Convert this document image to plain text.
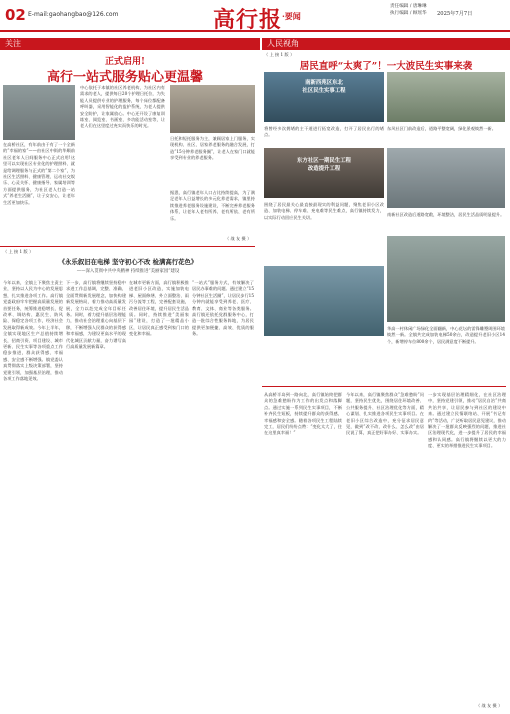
02 E-mail:gaohangbao@126.com	高行报 ·要闻
责任编辑 / 唐琳琳
执行编辑 / 顾瑶华 2025年7月7日
关注
正式启用!
高行一站式服务贴心更温馨
在高桥社区，有年前由于有了一个全新的“幸福的家”——由社区中街的华顺前社区老年人日间服务中心正式启用!这里可以实现社区专业化的护理照料、就是给调理服务与正式的“第二个家”，为社区生活照料、健康管理、运动社交娱乐、心灵关怀、健康指导、家属培训等方面提供服务，为社区老人打造一站式“养老生活圈”，让子女安心，让老年生活更加快乐。
中心依托于本镇的社区养老机构，为社区内有需求的老人，提供每日20个护理日托位，为失能人员提供专业的护理服务，每个床位都配备呼叫器，采用智能化的监护系统，为老人提供安全防护，让家属放心。中心还开设了康复训练室、阅览室、书画室、多功能活动室等，让老人们在这里度过充实而快乐的时光。
日托和短托服务为主，兼顾居家上门服务，实现机构、社区、居家养老服务的融合发展，打造“15分钟养老服务圈”，让老人在家门口就能享受到专业的养老服务。
据悉，高行镇老年人口占比持续提高，为了满足老年人日益增长的多元化养老需求，镇里持续推进养老服务设施建设，不断完善养老服务体系，让老年人老有所养、老有所依、老有所乐。
（ 战 友 摄 ）
（ 上 接 1 版 ）
《永乐叙旧在电梯 坚守初心不改 检满高行花色》
——深入贯彻中共中央精神 持续推进“美丽家园”建设
今年以来，全镇上下聚焦主责主业，坚持以人民为中心的发展思想，扎实推进各项工作。高行镇党委政府牢牢把握高质量发展的首要任务，统筹推进稳增长、促改革、调结构、惠民生、防风险、保稳定各项工作，经济社会发展取得新成效。今年上半年，全镇实现地区生产总值持续增长，招商引资、项目建设、城市更新、民生实事等各项重点工作稳步推进，群众获得感、幸福感、安全感不断增强。镇党委认真贯彻落实上级决策部署，坚持党建引领，加强基层治理，推动各项工作落地见效。
下一步，高行镇将继续坚持稳中求进工作总基调，完整、准确、全面贯彻新发展理念，加快构建新发展格局，着力推动高质量发展，全力以赴完成全年目标任务。同时，着力提升基层治理能力，推动社会治理重心向基层下移，不断增强人民群众的获得感和幸福感，为建设更高水平的现代化城区贡献力量，奋力谱写高行高质量发展新篇章。
在城市更新方面，高行镇积极推进老旧小区改造，实施加装电梯、屋面修缮、外立面整治、雨污分流等工程，完善配套设施，改善居住环境，提升居民生活品质。同时，持续推进“美丽家园”建设，打造了一批精品小区，让居民真正感受到家门口的变化和幸福。
“一站式”服务方式，有效解决了居民办事难的问题。通过建立“15分钟社区生活圈”，让居民步行15分钟内就能享受到养老、医疗、教育、文体、商业等各类服务。高行镇还依托党群服务中心，打造一批综合性服务阵地，为居民提供更加便捷、高效、优质的服务。
人民视角
（ 上 接 1 版 ）
居民直呼“太爽了”！一大波民生实事来袭
南新西苑区东北
社区民生实事工程
将曾经多次拥堵的主干道进行拓宽改造，打开了居民出行的堵点。
东风社区门前改造后，道路平整宽阔，绿化景观焕然一新。
东方社区一期民生工程
改造提升工程
围绕了居民最关心最直接最现实的利益问题，聚焦老旧小区改造、加装电梯、停车难、充电难等民生难点，高行镇持续发力，以实际行动回应民生关切。
南新社区改造后道路宽敞，环境整洁，居民生活品质明显提升。
华高一村休闲广场绿化全面翻新，中心花坛的雷锋雕塑周围环境焕然一新。全镇共完成加装电梯50余台，改造提升老旧小区14个，新增停车位800余个，居民满意度不断提升。
从高桥半岛到一路向北，高行镇始终把群众的急难愁盼作为工作的出发点和落脚点。通过实施一系列民生实事项目，不断补齐民生短板，持续提升群众的获得感、幸福感和安全感。随着各项民生工程陆续完工，居民们纷纷点赞：“变化太大了，住在这里真幸福！”
今年以来，高行镇聚焦群众“急难愁盼”问题，坚持民生优先，围绕居住环境改善、公共服务提升、社区治理优化等方面，精心谋划、扎实推进各项民生实事项目。在老旧小区综合改造中，充分征求居民意见，做到“改不改、改什么、怎么改”由居民说了算，真正把好事办好、实事办实。
一步实现基层治理精细化，在社区治理中，坚持党建引领，推动“居民自治”共商共治共享，让居民参与到社区的建设中来。通过建立民情联络站、开展“书记有约”等活动，广泛听取居民意见建议，推动解决了一批群众反映强烈的问题，推进社区治理现代化，进一步提升了居民的幸福感和认同感。高行镇将继续以更大的力度、更实的举措推进民生实事项目。
（ 战 友 摄 ）
